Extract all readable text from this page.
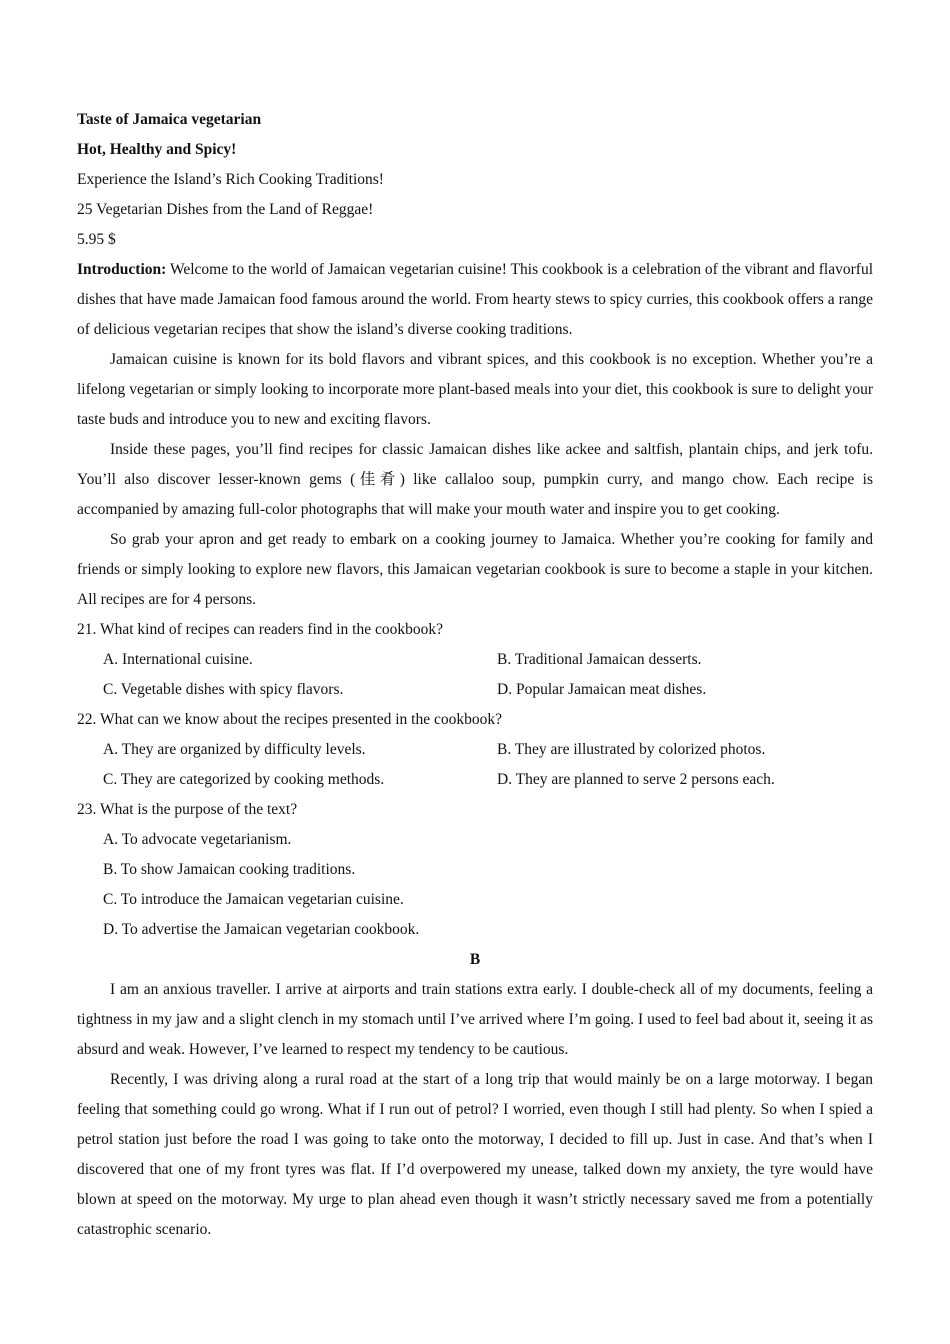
Taste of Jamaica vegetarian
Hot, Healthy and Spicy!
Experience the Island’s Rich Cooking Traditions!
25 Vegetarian Dishes from the Land of Reggae!
5.95 $

Introduction: Welcome to the world of Jamaican vegetarian cuisine! This cookbook is a celebration of the vibrant and flavorful dishes that have made Jamaican food famous around the world. From hearty stews to spicy curries, this cookbook offers a range of delicious vegetarian recipes that show the island’s diverse cooking traditions.

Jamaican cuisine is known for its bold flavors and vibrant spices, and this cookbook is no exception. Whether you’re a lifelong vegetarian or simply looking to incorporate more plant-based meals into your diet, this cookbook is sure to delight your taste buds and introduce you to new and exciting flavors.

Inside these pages, you’ll find recipes for classic Jamaican dishes like ackee and saltfish, plantain chips, and jerk tofu. You’ll also discover lesser-known gems (佳肴) like callaloo soup, pumpkin curry, and mango chow. Each recipe is accompanied by amazing full-color photographs that will make your mouth water and inspire you to get cooking.

So grab your apron and get ready to embark on a cooking journey to Jamaica. Whether you’re cooking for family and friends or simply looking to explore new flavors, this Jamaican vegetarian cookbook is sure to become a staple in your kitchen. All recipes are for 4 persons.

21. What kind of recipes can readers find in the cookbook?
A. International cuisine.	B. Traditional Jamaican desserts.
C. Vegetable dishes with spicy flavors.	D. Popular Jamaican meat dishes.
22. What can we know about the recipes presented in the cookbook?
A. They are organized by difficulty levels.	B. They are illustrated by colorized photos.
C. They are categorized by cooking methods.	D. They are planned to serve 2 persons each.
23. What is the purpose of the text?
A. To advocate vegetarianism.
B. To show Jamaican cooking traditions.
C. To introduce the Jamaican vegetarian cuisine.
D. To advertise the Jamaican vegetarian cookbook.
B

I am an anxious traveller. I arrive at airports and train stations extra early. I double-check all of my documents, feeling a tightness in my jaw and a slight clench in my stomach until I’ve arrived where I’m going. I used to feel bad about it, seeing it as absurd and weak. However, I’ve learned to respect my tendency to be cautious.

Recently, I was driving along a rural road at the start of a long trip that would mainly be on a large motorway. I began feeling that something could go wrong. What if I run out of petrol? I worried, even though I still had plenty. So when I spied a petrol station just before the road I was going to take onto the motorway, I decided to fill up. Just in case. And that’s when I discovered that one of my front tyres was flat. If I’d overpowered my unease, talked down my anxiety, the tyre would have blown at speed on the motorway. My urge to plan ahead even though it wasn’t strictly necessary saved me from a potentially catastrophic scenario.
